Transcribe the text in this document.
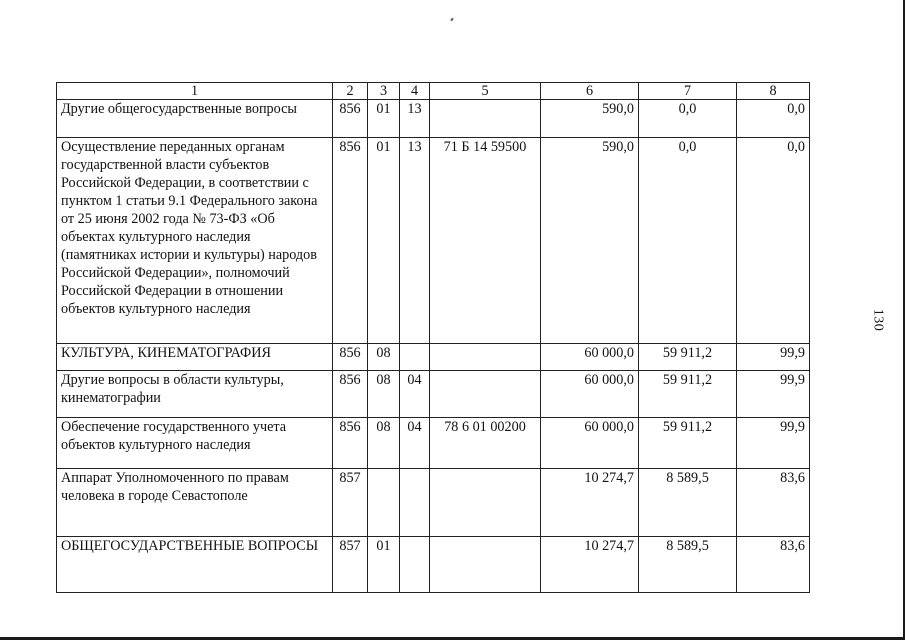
1	2	3	4	5	6	7	8
Другие общегосударственные вопросы	856	01	13		590,0	0,0	0,0
Осуществление переданных органам государственной власти субъектов Российской Федерации, в соответствии с пунктом 1 статьи 9.1 Федерального закона от 25 июня 2002 года № 73-ФЗ «Об объектах культурного наследия (памятниках истории и культуры) народов Российской Федерации», полномочий Российской Федерации в отношении объектов культурного наследия	856	01	13	71 Б 14 59500	590,0	0,0	0,0
КУЛЬТУРА, КИНЕМАТОГРАФИЯ	856	08			60 000,0	59 911,2	99,9
Другие вопросы в области культуры, кинематографии	856	08	04		60 000,0	59 911,2	99,9
Обеспечение государственного учета объектов культурного наследия	856	08	04	78 6 01 00200	60 000,0	59 911,2	99,9
Аппарат Уполномоченного по правам человека в городе Севастополе	857				10 274,7	8 589,5	83,6
ОБЩЕГОСУДАРСТВЕННЫЕ ВОПРОСЫ	857	01			10 274,7	8 589,5	83,6
130
